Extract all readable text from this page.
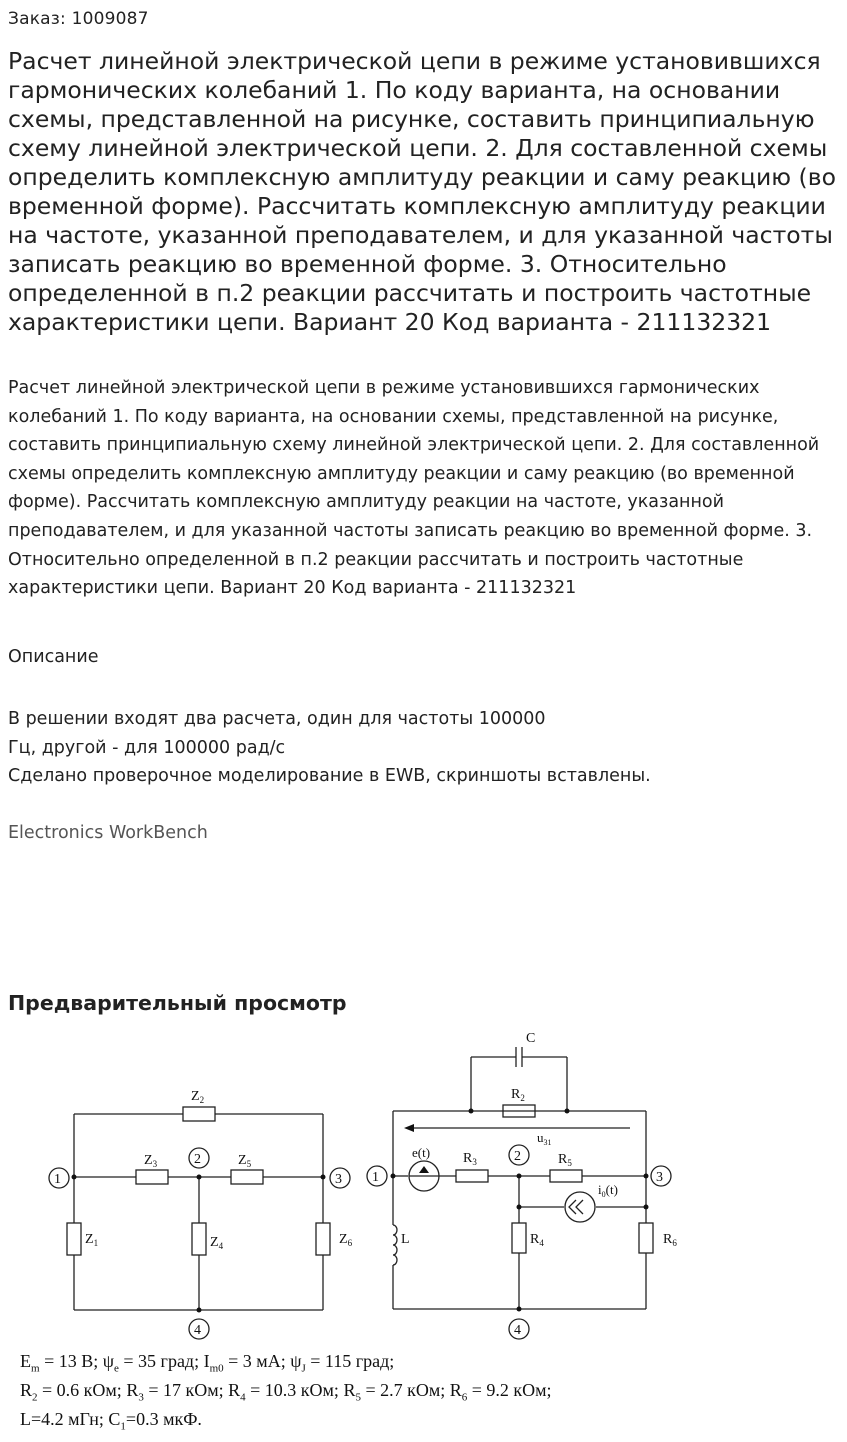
Заказ: 1009087
Расчет линейной электрической цепи в режиме установившихся гармонических колебаний 1. По коду варианта, на основании схемы, представленной на рисунке, составить принципиальную схему линейной электрической цепи. 2. Для составленной схемы определить комплексную амплитуду реакции и саму реакцию (во временной форме). Рассчитать комплексную амплитуду реакции на частоте, указанной преподавателем, и для указанной частоты записать реакцию во временной форме. 3. Относительно определенной в п.2 реакции рассчитать и построить частотные характеристики цепи. Вариант 20 Код варианта - 211132321

Расчет линейной электрической цепи в режиме установившихся гармонических колебаний 1. По коду варианта, на основании схемы, представленной на рисунке, составить принципиальную схему линейной электрической цепи. 2. Для составленной схемы определить комплексную амплитуду реакции и саму реакцию (во временной форме). Рассчитать комплексную амплитуду реакции на частоте, указанной преподавателем, и для указанной частоты записать реакцию во временной форме. 3. Относительно определенной в п.2 реакции рассчитать и построить частотные характеристики цепи. Вариант 20 Код варианта - 211132321

Описание
В решении входят два расчета, один для частоты 100000
Гц, другой - для 100000 рад/с
Сделано проверочное моделирование в EWB, скриншоты вставлены.
Electronics WorkBench
Предварительный просмотр
1
2
3
4
$Z_2$
$Z_3$	$Z_5$
$Z_1$	$Z_4$	$Z_6$
1
2
3
4
C
$R_2$
$u_{31}$
e(t) $R_3$	$R_5$
$i_0(t)$
L	$R_4$	$R_6$
$E_m = 13$ В; $\psi_e = 35$ град; $I_{m0} = 3$ мА; $\psi_J = 115$ град;
$R_2 = 0.6$ кОм; $R_3 = 17$ кОм; $R_4 = 10.3$ кОм; $R_5 = 2.7$ кОм; $R_6 = 9.2$ кОм;
L=4.2 мГн; $C_1=0.3$ мкФ.
